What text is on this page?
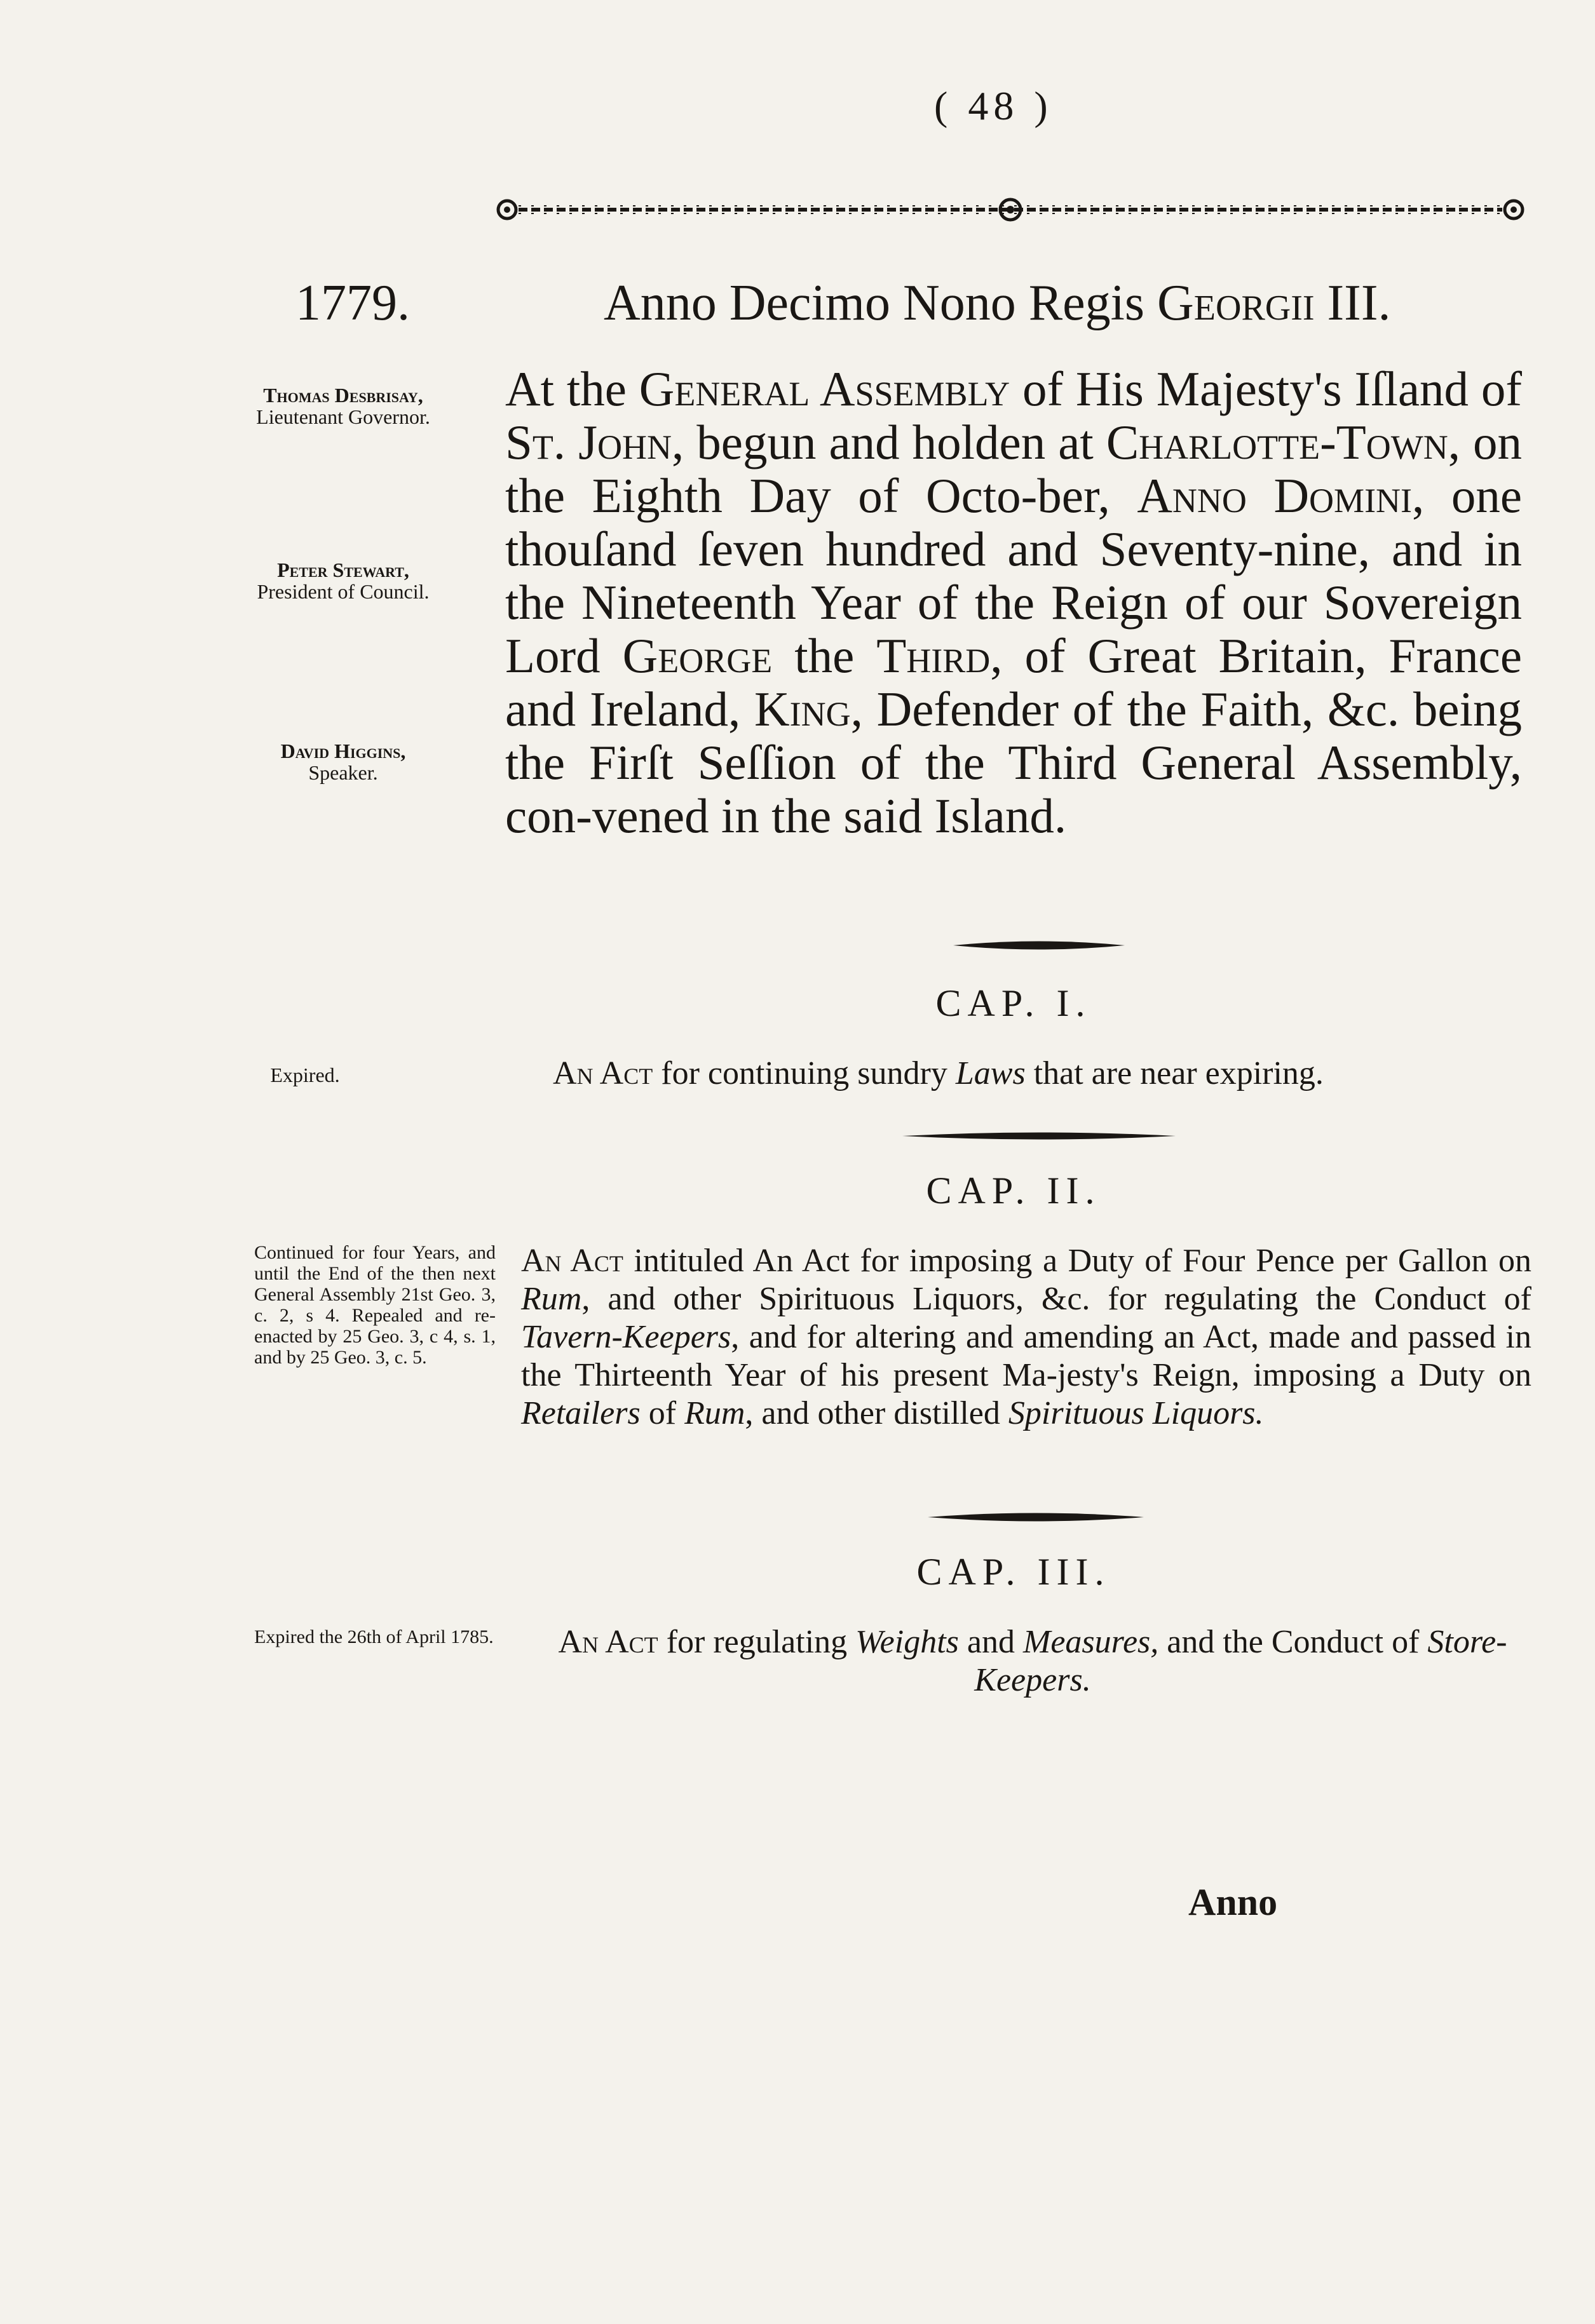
( 48 )
1779.	Anno Decimo Nono Regis Georgii III.
Thomas Desbrisay,
Lieutenant Governor.
Peter Stewart,
President of Council.
David Higgins,
Speaker.
At the General Assembly of His Majesty's Iſland of St. John, begun and holden at Charlotte-Town, on the Eighth Day of Octo-ber, Anno Domini, one thouſand ſeven hundred and Seventy-nine, and in the Nineteenth Year of the Reign of our Sovereign Lord George the Third, of Great Britain, France and Ireland, King, Defender of the Faith, &c. being the Firſt Seſſion of the Third General Assembly, con-vened in the said Island.
CAP. I.
Expired.	An Act for continuing sundry Laws that are near expiring.
CAP. II.
Continued for four Years, and until the End of the then next General Assembly 21st Geo. 3, c. 2, s 4. Repealed and re-enacted by 25 Geo. 3, c 4, s. 1, and by 25 Geo. 3, c. 5.
An Act intituled An Act for imposing a Duty of Four Pence per Gallon on Rum, and other Spirituous Liquors, &c. for regulating the Conduct of Tavern-Keepers, and for altering and amending an Act, made and passed in the Thirteenth Year of his present Ma-jesty's Reign, imposing a Duty on Retailers of Rum, and other distilled Spirituous Liquors.
CAP. III.
Expired the 26th of April 1785.	An Act for regulating Weights and Measures, and the Conduct of Store-Keepers.
Anno
